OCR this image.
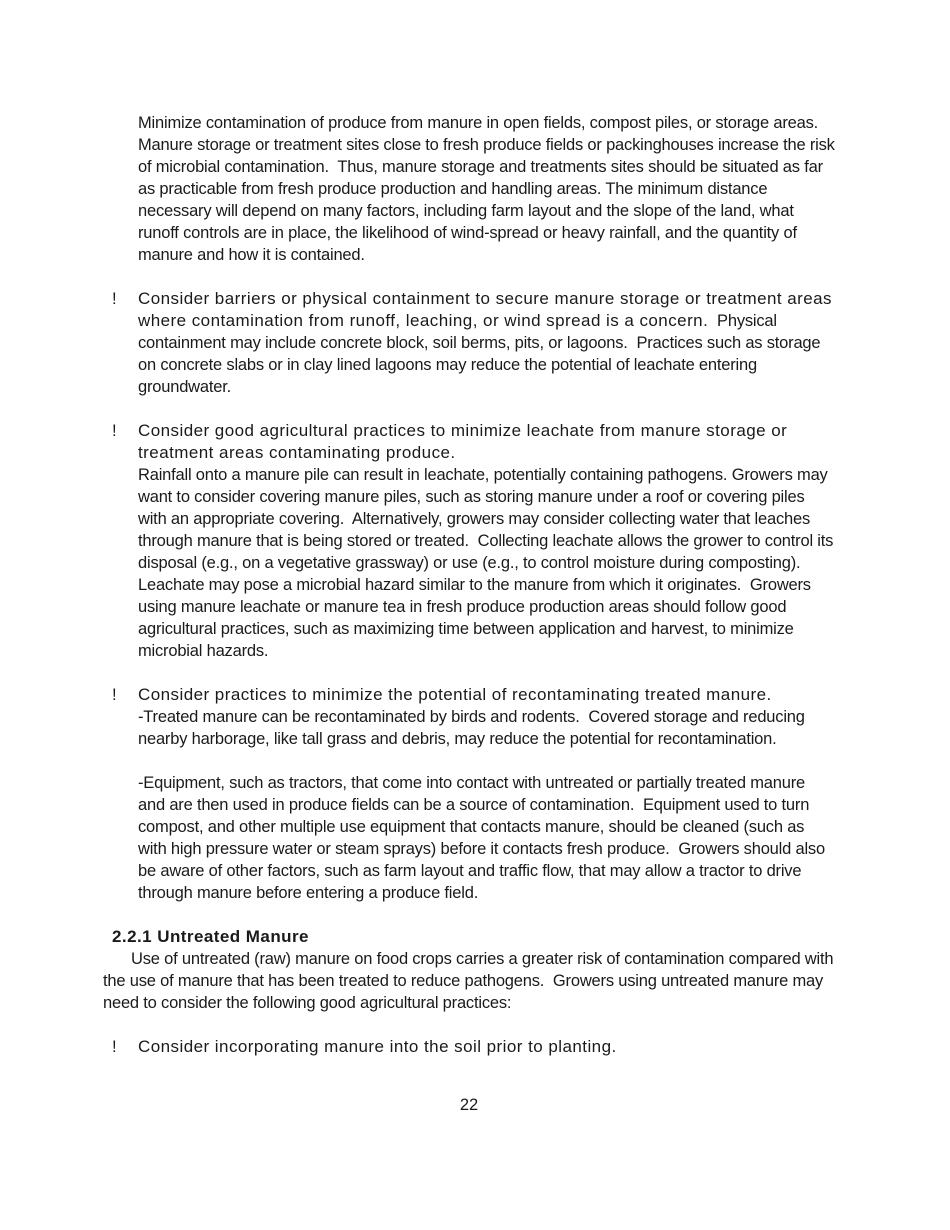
Minimize contamination of produce from manure in open fields, compost piles, or storage areas.  Manure storage or treatment sites close to fresh produce fields or packinghouses increase the risk of microbial contamination.  Thus, manure storage and treatments sites should be situated as far as practicable from fresh produce production and handling areas. The minimum distance necessary will depend on many factors, including farm layout and the slope of the land, what runoff controls are in place, the likelihood of wind-spread or heavy rainfall, and the quantity of manure and how it is contained.

!	Consider barriers or physical containment to secure manure storage or treatment areas where contamination from runoff, leaching, or wind spread is a concern.  Physical containment may include concrete block, soil berms, pits, or lagoons.  Practices such as storage on concrete slabs or in clay lined lagoons may reduce the potential of leachate entering groundwater.

!	Consider good agricultural practices to minimize leachate from manure storage or treatment areas contaminating produce.
Rainfall onto a manure pile can result in leachate, potentially containing pathogens. Growers may want to consider covering manure piles, such as storing manure under a roof or covering piles with an appropriate covering.  Alternatively, growers may consider collecting water that leaches through manure that is being stored or treated.  Collecting leachate allows the grower to control its disposal (e.g., on a vegetative grassway) or use (e.g., to control moisture during composting).  Leachate may pose a microbial hazard similar to the manure from which it originates.  Growers using manure leachate or manure tea in fresh produce production areas should follow good agricultural practices, such as maximizing time between application and harvest, to minimize microbial hazards.

!	Consider practices to minimize the potential of recontaminating treated manure.
-Treated manure can be recontaminated by birds and rodents.  Covered storage and reducing nearby harborage, like tall grass and debris, may reduce the potential for recontamination.

-Equipment, such as tractors, that come into contact with untreated or partially treated manure and are then used in produce fields can be a source of contamination.  Equipment used to turn compost, and other multiple use equipment that contacts manure, should be cleaned (such as with high pressure water or steam sprays) before it contacts fresh produce.  Growers should also be aware of other factors, such as farm layout and traffic flow, that may allow a tractor to drive through manure before entering a produce field.

2.2.1 Untreated Manure

Use of untreated (raw) manure on food crops carries a greater risk of contamination compared with the use of manure that has been treated to reduce pathogens.  Growers using untreated manure may need to consider the following good agricultural practices:

!	Consider incorporating manure into the soil prior to planting.

22
